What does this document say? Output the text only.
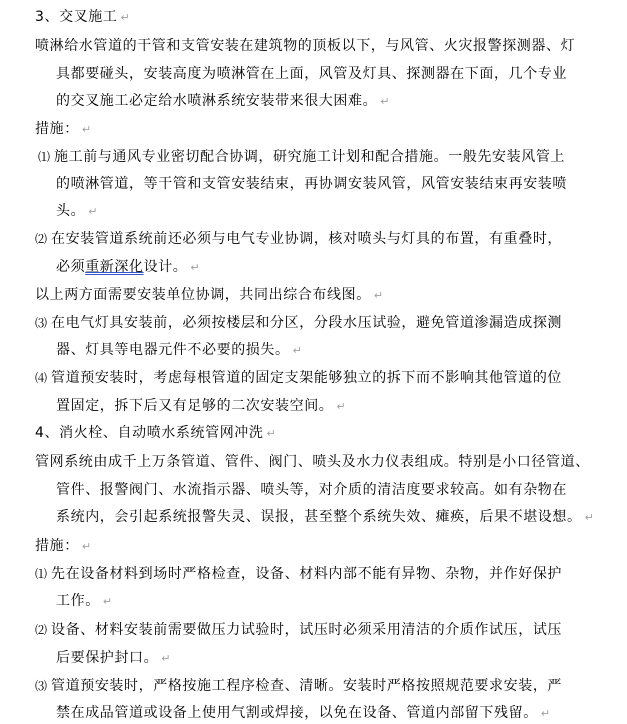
3、交叉施工 ↵
喷淋给水管道的干管和支管安装在建筑物的顶板以下，与风管、火灾报警探测器、灯
具都要碰头，安装高度为喷淋管在上面，风管及灯具、探测器在下面，几个专业
的交叉施工必定给水喷淋系统安装带来很大困难。 ↵
措施： ↵
⑴ 施工前与通风专业密切配合协调，研究施工计划和配合措施。一般先安装风管上
的喷淋管道，等干管和支管安装结束，再协调安装风管，风管安装结束再安装喷
头。 ↵
⑵ 在安装管道系统前还必须与电气专业协调，核对喷头与灯具的布置，有重叠时，
必须重新深化设计。 ↵
以上两方面需要安装单位协调，共同出综合布线图。 ↵
⑶ 在电气灯具安装前，必须按楼层和分区，分段水压试验，避免管道渗漏造成探测
器、灯具等电器元件不必要的损失。 ↵
⑷ 管道预安装时，考虑每根管道的固定支架能够独立的拆下而不影响其他管道的位
置固定，拆下后又有足够的二次安装空间。 ↵
4、消火栓、自动喷水系统管网冲洗 ↵
管网系统由成千上万条管道、管件、阀门、喷头及水力仪表组成。特别是小口径管道、
管件、报警阀门、水流指示器、喷头等，对介质的清洁度要求较高。如有杂物在
系统内，会引起系统报警失灵、误报，甚至整个系统失效、瘫痪，后果不堪设想。 ↵
措施： ↵
⑴ 先在设备材料到场时严格检查，设备、材料内部不能有异物、杂物，并作好保护
工作。 ↵
⑵ 设备、材料安装前需要做压力试验时，试压时必须采用清洁的介质作试压，试压
后要保护封口。 ↵
⑶ 管道预安装时，严格按施工程序检查、清晰。安装时严格按照规范要求安装，严
禁在成品管道或设备上使用气割或焊接，以免在设备、管道内部留下残留。 ↵
